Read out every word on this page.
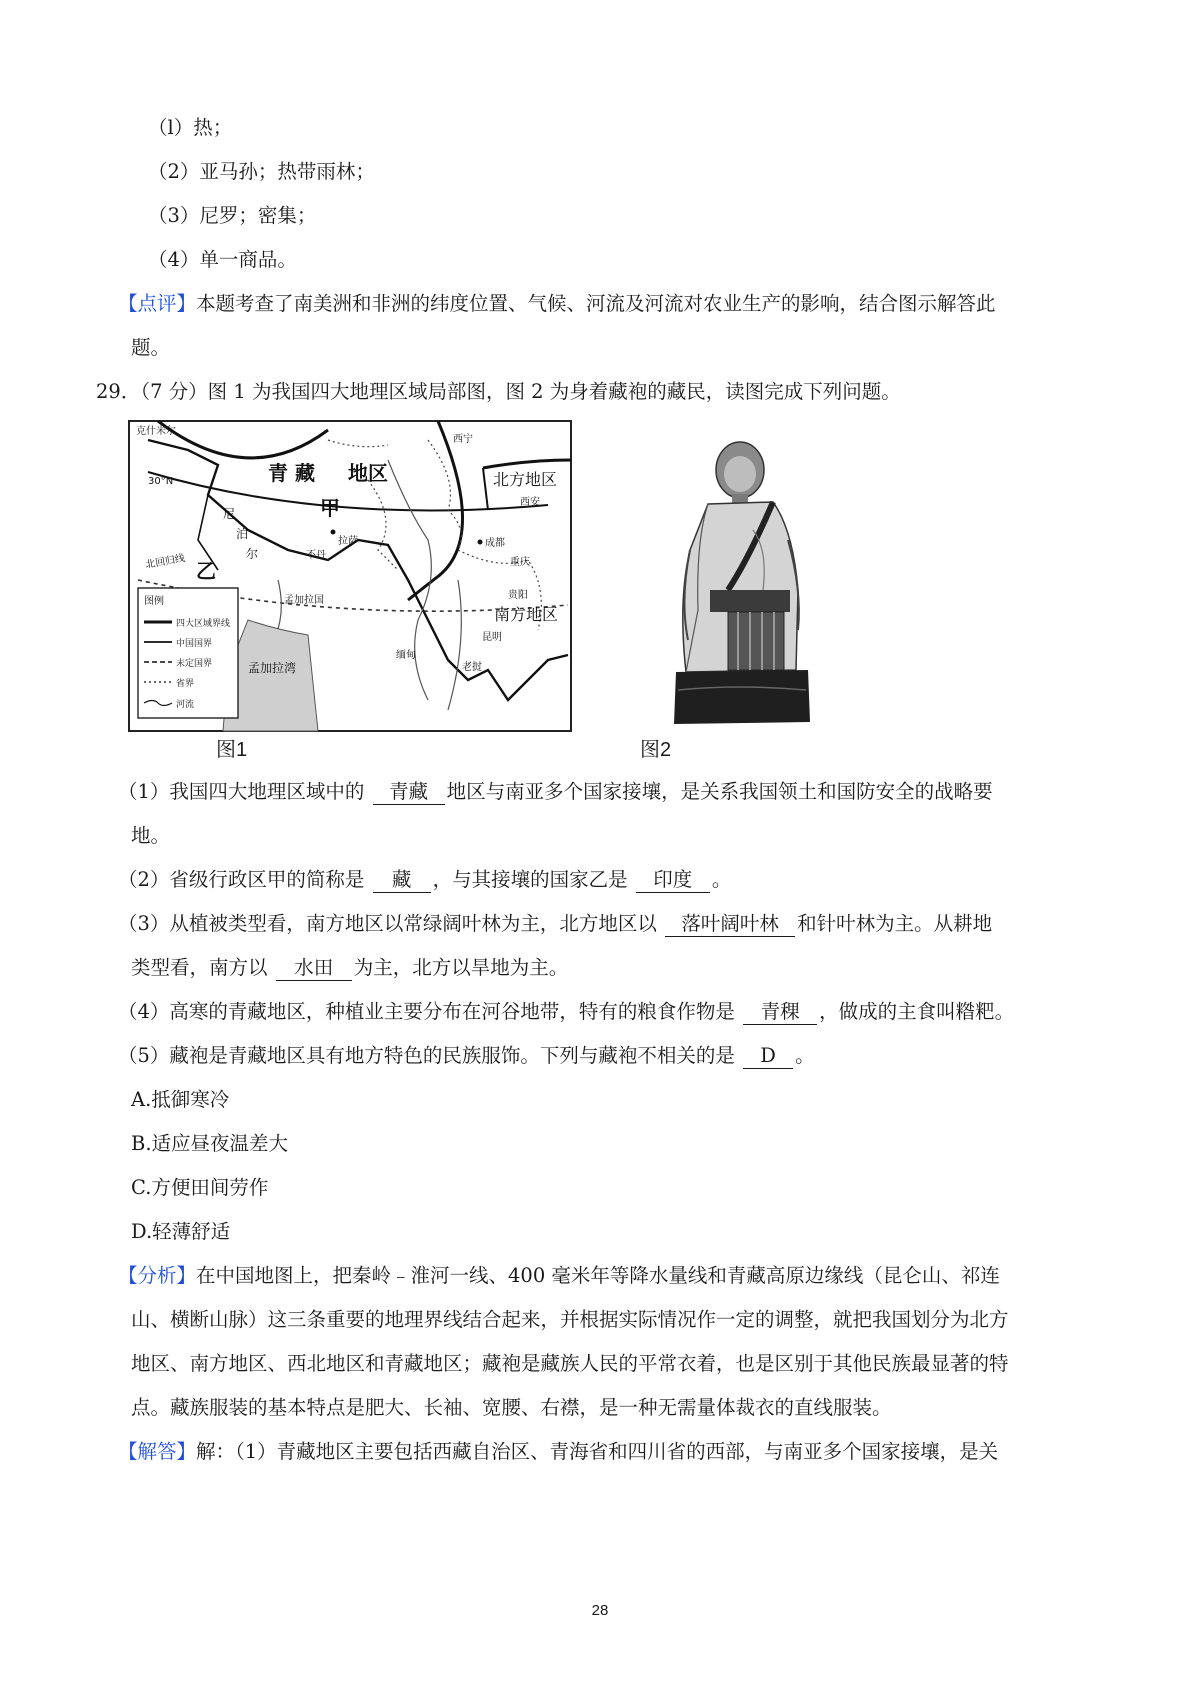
（l）热；
（2）亚马孙；热带雨林；
（3）尼罗；密集；
（4）单一商品。
【点评】本题考查了南美洲和非洲的纬度位置、气候、河流及河流对农业生产的影响，结合图示解答此
题。
29．（7 分）图 1 为我国四大地理区域局部图，图 2 为身着藏袍的藏民，读图完成下列问题。
克什米尔
30°N	青 藏 地区
甲
西宁
北方地区
西安
尼
泊
尔
拉萨
不丹
成都
重庆
乙
北回归线
孟加拉国	贵阳
南方地区
昆明
缅甸
老挝
孟加拉湾
图例
四大区域界线
中国国界
未定国界
省界
河流
图1	图2
（1）我国四大地理区域中的 青藏 地区与南亚多个国家接壤，是关系我国领土和国防安全的战略要
地。
（2）省级行政区甲的简称是 藏 ，与其接壤的国家乙是 印度 。
（3）从植被类型看，南方地区以常绿阔叶林为主，北方地区以 落叶阔叶林 和针叶林为主。从耕地
类型看，南方以 水田 为主，北方以旱地为主。
（4）高寒的青藏地区，种植业主要分布在河谷地带，特有的粮食作物是 青稞 ，做成的主食叫糌粑。
（5）藏袍是青藏地区具有地方特色的民族服饰。下列与藏袍不相关的是 D 。
A.抵御寒冷
B.适应昼夜温差大
C.方便田间劳作
D.轻薄舒适
【分析】在中国地图上，把秦岭﹣淮河一线、400 毫米年等降水量线和青藏高原边缘线（昆仑山、祁连
山、横断山脉）这三条重要的地理界线结合起来，并根据实际情况作一定的调整，就把我国划分为北方
地区、南方地区、西北地区和青藏地区；藏袍是藏族人民的平常衣着，也是区别于其他民族最显著的特
点。藏族服装的基本特点是肥大、长袖、宽腰、右襟，是一种无需量体裁衣的直线服装。
【解答】解：（1）青藏地区主要包括西藏自治区、青海省和四川省的西部，与南亚多个国家接壤，是关
28
